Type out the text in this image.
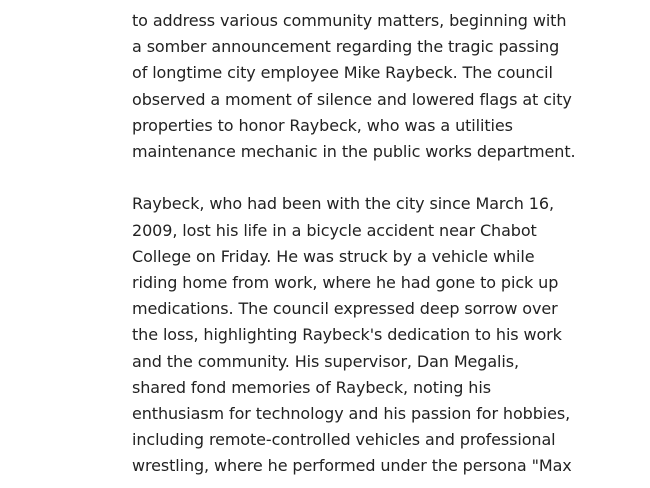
to address various community matters, beginning with
a somber announcement regarding the tragic passing
of longtime city employee Mike Raybeck. The council
observed a moment of silence and lowered flags at city
properties to honor Raybeck, who was a utilities
maintenance mechanic in the public works department.
Raybeck, who had been with the city since March 16,
2009, lost his life in a bicycle accident near Chabot
College on Friday. He was struck by a vehicle while
riding home from work, where he had gone to pick up
medications. The council expressed deep sorrow over
the loss, highlighting Raybeck's dedication to his work
and the community. His supervisor, Dan Megalis,
shared fond memories of Raybeck, noting his
enthusiasm for technology and his passion for hobbies,
including remote-controlled vehicles and professional
wrestling, where he performed under the persona "Max
